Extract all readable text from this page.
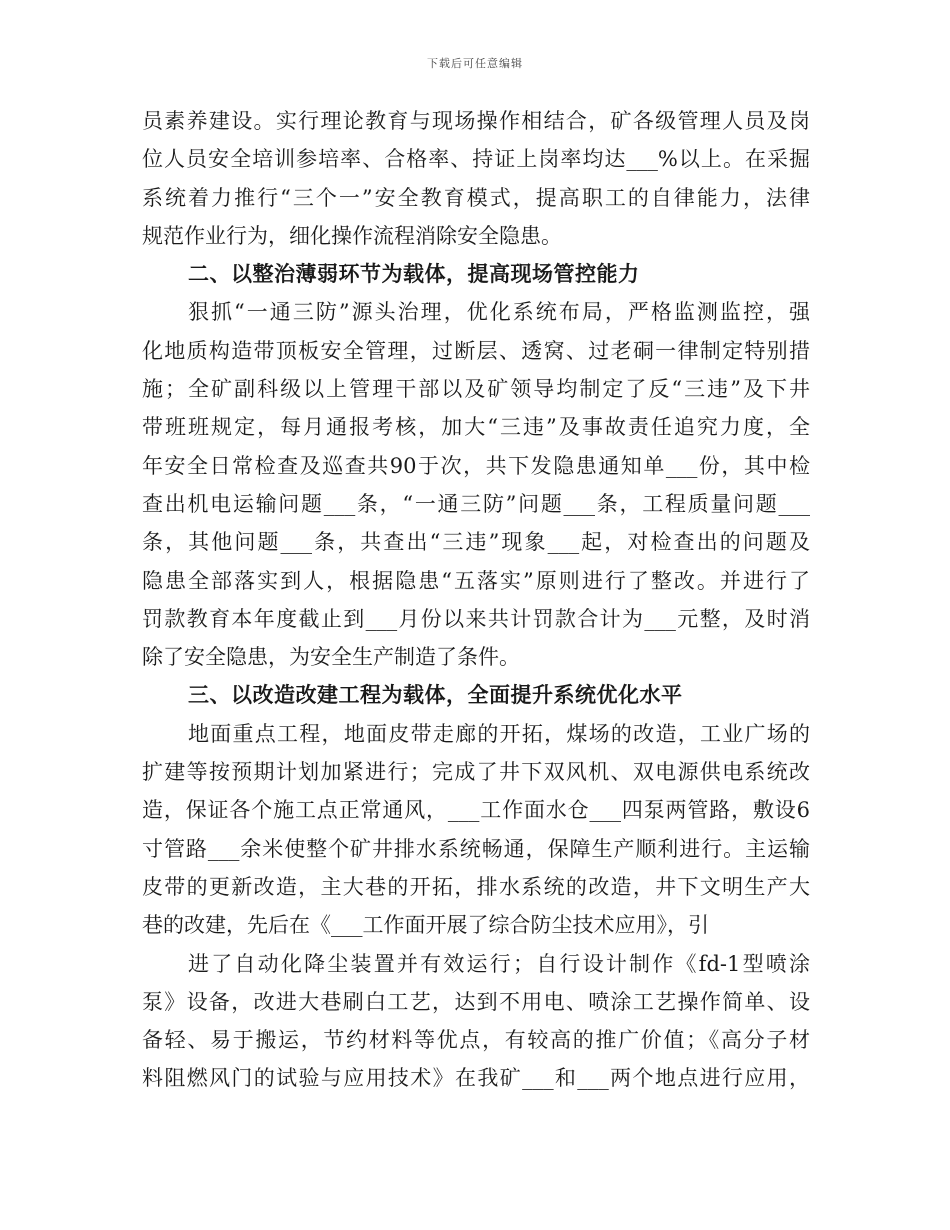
下载后可任意编辑
员素养建设。实行理论教育与现场操作相结合，矿各级管理人员及岗
位人员安全培训参培率、合格率、持证上岗率均达___%以上。在采掘
系统着力推行“三个一”安全教育模式，提高职工的自律能力，法律
规范作业行为，细化操作流程消除安全隐患。
二、以整治薄弱环节为载体，提高现场管控能力
狠抓“一通三防”源头治理，优化系统布局，严格监测监控，强
化地质构造带顶板安全管理，过断层、透窝、过老硐一律制定特别措
施；全矿副科级以上管理干部以及矿领导均制定了反“三违”及下井
带班班规定，每月通报考核，加大“三违”及事故责任追究力度，全
年安全日常检查及巡查共90于次，共下发隐患通知单___份，其中检
查出机电运输问题___条，“一通三防”问题___条，工程质量问题___
条，其他问题___条，共查出“三违”现象___起，对检查出的问题及
隐患全部落实到人，根据隐患“五落实”原则进行了整改。并进行了
罚款教育本年度截止到___月份以来共计罚款合计为___元整，及时消
除了安全隐患，为安全生产制造了条件。
三、以改造改建工程为载体，全面提升系统优化水平
地面重点工程，地面皮带走廊的开拓，煤场的改造，工业广场的
扩建等按预期计划加紧进行；完成了井下双风机、双电源供电系统改
造，保证各个施工点正常通风，___工作面水仓___四泵两管路，敷设6
寸管路___余米使整个矿井排水系统畅通，保障生产顺利进行。主运输
皮带的更新改造，主大巷的开拓，排水系统的改造，井下文明生产大
巷的改建，先后在《___工作面开展了综合防尘技术应用》，引
进了自动化降尘装置并有效运行；自行设计制作《fd-1型喷涂
泵》设备，改进大巷刷白工艺，达到不用电、喷涂工艺操作简单、设
备轻、易于搬运，节约材料等优点，有较高的推广价值；《高分子材
料阻燃风门的试验与应用技术》在我矿___和___两个地点进行应用，
